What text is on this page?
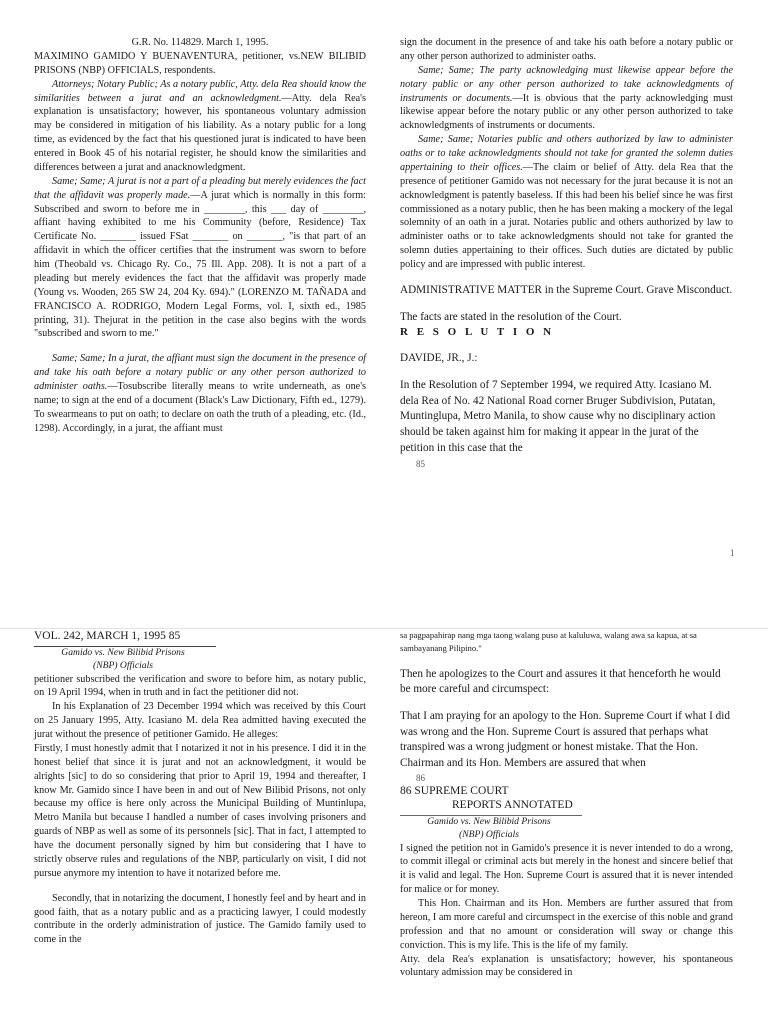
G.R. No. 114829. March 1, 1995.

MAXIMINO GAMIDO Y BUENAVENTURA, petitioner, vs.NEW BILIBID PRISONS (NBP) OFFICIALS, respondents.

Attorneys; Notary Public; As a notary public, Atty. dela Rea should know the similarities between a jurat and an acknowledgment.—Atty. dela Rea's explanation is unsatisfactory; however, his spontaneous voluntary admission may be considered in mitigation of his liability. As a notary public for a long time, as evidenced by the fact that his questioned jurat is indicated to have been entered in Book 45 of his notarial register, he should know the similarities and differences between a jurat and anacknowledgment.

Same; Same; A jurat is not a part of a pleading but merely evidences the fact that the affidavit was properly made.—A jurat which is normally in this form: Subscribed and sworn to before me in ________, this ___ day of ________, affiant having exhibited to me his Community (before, Residence) Tax Certificate No. _______ issued FSat _______ on _______, "is that part of an affidavit in which the officer certifies that the instrument was sworn to before him (Theobald vs. Chicago Ry. Co., 75 Ill. App. 208). It is not a part of a pleading but merely evidences the fact that the affidavit was properly made (Young vs. Wooden, 265 SW 24, 204 Ky. 694)." (LORENZO M. TAÑADA and FRANCISCO A. RODRIGO, Modern Legal Forms, vol. I, sixth ed., 1985 printing, 31). Thejurat in the petition in the case also begins with the words "subscribed and sworn to me."

Same; Same; In a jurat, the affiant must sign the document in the presence of and take his oath before a notary public or any other person authorized to administer oaths.—Tosubscribe literally means to write underneath, as one's name; to sign at the end of a document (Black's Law Dictionary, Fifth ed., 1279). To swearmeans to put on oath; to declare on oath the truth of a pleading, etc. (Id., 1298). Accordingly, in a jurat, the affiant must

sign the document in the presence of and take his oath before a notary public or any other person authorized to administer oaths.

Same; Same; The party acknowledging must likewise appear before the notary public or any other person authorized to take acknowledgments of instruments or documents.—It is obvious that the party acknowledging must likewise appear before the notary public or any other person authorized to take acknowledgments of instruments or documents.

Same; Same; Notaries public and others authorized by law to administer oaths or to take acknowledgments should not take for granted the solemn duties appertaining to their offices.—The claim or belief of Atty. dela Rea that the presence of petitioner Gamido was not necessary for the jurat because it is not an acknowledgment is patently baseless. If this had been his belief since he was first commissioned as a notary public, then he has been making a mockery of the legal solemnity of an oath in a jurat. Notaries public and others authorized by law to administer oaths or to take acknowledgments should not take for granted the solemn duties appertaining to their offices. Such duties are dictated by public policy and are impressed with public interest.

ADMINISTRATIVE MATTER in the Supreme Court. Grave Misconduct.

The facts are stated in the resolution of the Court.

R E S O L U T I O N

DAVIDE, JR., J.:

In the Resolution of 7 September 1994, we required Atty. Icasiano M. dela Rea of No. 42 National Road corner Bruger Subdivision, Putatan, Muntinglupa, Metro Manila, to show cause why no disciplinary action should be taken against him for making it appear in the jurat of the petition in this case that the

85

1
VOL. 242, MARCH 1, 1995 85
Gamido vs. New Bilibid Prisons (NBP) Officials

petitioner subscribed the verification and swore to before him, as notary public, on 19 April 1994, when in truth and in fact the petitioner did not.

In his Explanation of 23 December 1994 which was received by this Court on 25 January 1995, Atty. Icasiano M. dela Rea admitted having executed the jurat without the presence of petitioner Gamido. He alleges:

Firstly, I must honestly admit that I notarized it not in his presence. I did it in the honest belief that since it is jurat and not an acknowledgment, it would be alrights [sic] to do so considering that prior to April 19, 1994 and thereafter, I know Mr. Gamido since I have been in and out of New Bilibid Prisons, not only because my office is here only across the Municipal Building of Muntinlupa, Metro Manila but because I handled a number of cases involving prisoners and guards of NBP as well as some of its personnels [sic]. That in fact, I attempted to have the document personally signed by him but considering that I have to strictly observe rules and regulations of the NBP, particularly on visit, I did not pursue anymore my intention to have it notarized before me.

Secondly, that in notarizing the document, I honestly feel and by heart and in good faith, that as a notary public and as a practicing lawyer, I could modestly contribute in the orderly administration of justice. The Gamido family used to come in the

sa pagpapahirap nang mga taong walang puso at kaluluwa, walang awa sa kapua, at sa sambayanang Pilipino."

Then he apologizes to the Court and assures it that henceforth he would be more careful and circumspect:

That I am praying for an apology to the Hon. Supreme Court if what I did was wrong and the Hon. Supreme Court is assured that perhaps what transpired was a wrong judgment or honest mistake. That the Hon. Chairman and its Hon. Members are assured that when

86

86 SUPREME COURT
REPORTS ANNOTATED
Gamido vs. New Bilibid Prisons (NBP) Officials

I signed the petition not in Gamido's presence it is never intended to do a wrong, to commit illegal or criminal acts but merely in the honest and sincere belief that it is valid and legal. The Hon. Supreme Court is assured that it is never intended for malice or for money.

This Hon. Chairman and its Hon. Members are further assured that from hereon, I am more careful and circumspect in the exercise of this noble and grand profession and that no amount or consideration will sway or change this conviction. This is my life. This is the life of my family.

Atty. dela Rea's explanation is unsatisfactory; however, his spontaneous voluntary admission may be considered in
